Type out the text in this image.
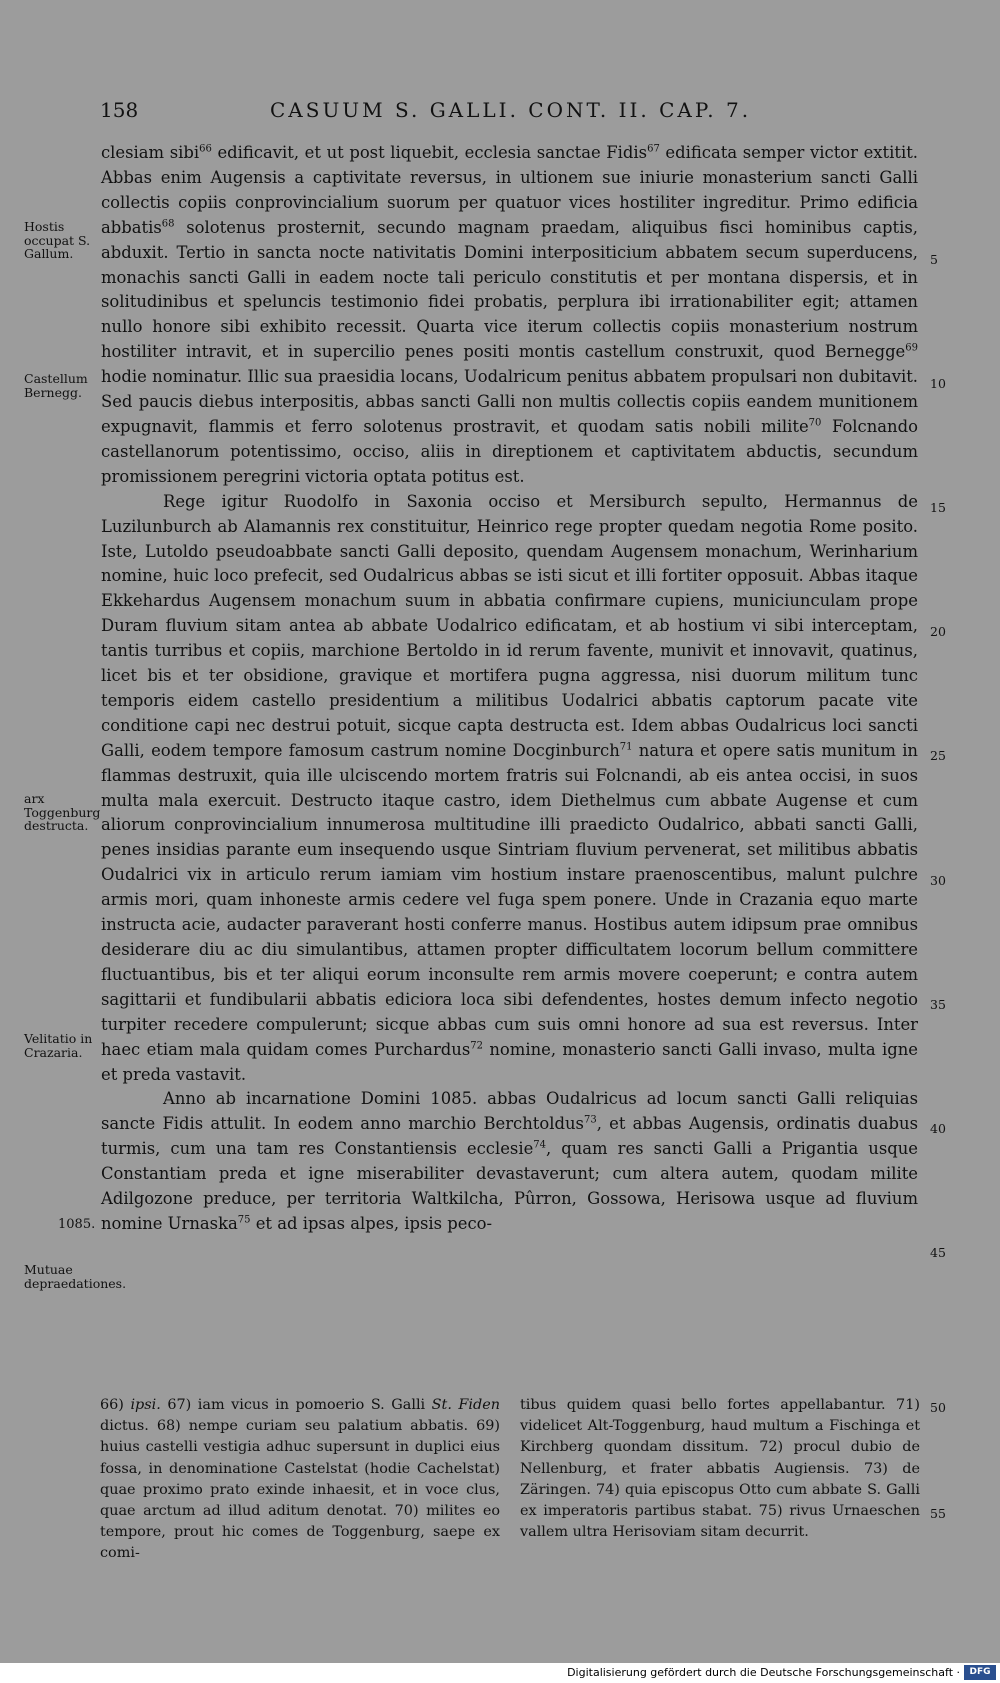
158	CASUUM S. GALLI. CONT. II. CAP. 7.

clesiam sibi$^{66}$ edificavit, et ut post liquebit, ecclesia sanctae Fidis$^{67}$ edificata semper victor extitit. Abbas enim Augensis a captivitate reversus, in ultionem sue iniurie monasterium sancti Galli collectis copiis conprovincialium suorum per quatuor vices hostiliter ingreditur. Primo edificia abbatis$^{68}$ solotenus prosternit, secundo magnam praedam, aliquibus fisci hominibus captis, abduxit. Tertio in sancta nocte nativitatis Domini interpositicium abbatem secum superducens, monachis sancti Galli in eadem nocte tali periculo constitutis et per montana dispersis, et in solitudinibus et speluncis testimonio fidei probatis, perplura ibi irrationabiliter egit; attamen nullo honore sibi exhibito recessit. Quarta vice iterum collectis copiis monasterium nostrum hostiliter intravit, et in supercilio penes positi montis castellum construxit, quod Bernegge$^{69}$ hodie nominatur. Illic sua praesidia locans, Uodalricum penitus abbatem propulsari non dubitavit. Sed paucis diebus interpositis, abbas sancti Galli non multis collectis copiis eandem munitionem expugnavit, flammis et ferro solotenus prostravit, et quodam satis nobili milite$^{70}$ Folcnando castellanorum potentissimo, occiso, aliis in direptionem et captivitatem abductis, secundum promissionem peregrini victoria optata potitus est.

Rege igitur Ruodolfo in Saxonia occiso et Mersiburch sepulto, Hermannus de Luzilunburch ab Alamannis rex constituitur, Heinrico rege propter quedam negotia Rome posito. Iste, Lutoldo pseudoabbate sancti Galli deposito, quendam Augensem monachum, Werinharium nomine, huic loco prefecit, sed Oudalricus abbas se isti sicut et illi fortiter opposuit. Abbas itaque Ekkehardus Augensem monachum suum in abbatia confirmare cupiens, municiunculam prope Duram fluvium sitam antea ab abbate Uodalrico edificatam, et ab hostium vi sibi interceptam, tantis turribus et copiis, marchione Bertoldo in id rerum favente, munivit et innovavit, quatinus, licet bis et ter obsidione, gravique et mortifera pugna aggressa, nisi duorum militum tunc temporis eidem castello presidentium a militibus Uodalrici abbatis captorum pacate vite conditione capi nec destrui potuit, sicque capta destructa est. Idem abbas Oudalricus loci sancti Galli, eodem tempore famosum castrum nomine Docginburch$^{71}$ natura et opere satis munitum in flammas destruxit, quia ille ulciscendo mortem fratris sui Folcnandi, ab eis antea occisi, in suos multa mala exercuit. Destructo itaque castro, idem Diethelmus cum abbate Augense et cum aliorum conprovincialium innumerosa multitudine illi praedicto Oudalrico, abbati sancti Galli, penes insidias parante eum insequendo usque Sintriam fluvium pervenerat, set militibus abbatis Oudalrici vix in articulo rerum iamiam vim hostium instare praenoscentibus, malunt pulchre armis mori, quam inhoneste armis cedere vel fuga spem ponere. Unde in Crazania equo marte instructa acie, audacter paraverant hosti conferre manus. Hostibus autem idipsum prae omnibus desiderare diu ac diu simulantibus, attamen propter difficultatem locorum bellum committere fluctuantibus, bis et ter aliqui eorum inconsulte rem armis movere coeperunt; e contra autem sagittarii et fundibularii abbatis ediciora loca sibi defendentes, hostes demum infecto negotio turpiter recedere compulerunt; sicque abbas cum suis omni honore ad sua est reversus. Inter haec etiam mala quidam comes Purchardus$^{72}$ nomine, monasterio sancti Galli invaso, multa igne et preda vastavit.

Anno ab incarnatione Domini 1085. abbas Oudalricus ad locum sancti Galli reliquias sancte Fidis attulit. In eodem anno marchio Berchtoldus$^{73}$, et abbas Augensis, ordinatis duabus turmis, cum una tam res Constantiensis ecclesie$^{74}$, quam res sancti Galli a Prigantia usque Constantiam preda et igne miserabiliter devastaverunt; cum altera autem, quodam milite Adilgozone preduce, per territoria Waltkilcha, Pûrron, Gossowa, Herisowa usque ad fluvium nomine Urnaska$^{75}$ et ad ipsas alpes, ipsis peco-

Hostis occupat S. Gallum.
Castellum Bernegg.
arx Toggenburg destructa.
Velitatio in Crazaria.
1085.
Mutuae depraedationes.
5
10
15
20
25
30
35
40
45
50
55

66) ipsi. 67) iam vicus in pomoerio S. Galli St. Fiden dictus. 68) nempe curiam seu palatium abbatis. 69) huius castelli vestigia adhuc supersunt in duplici eius fossa, in denominatione Castelstat (hodie Cachelstat) quae proximo prato exinde inhaesit, et in voce clus, quae arctum ad illud aditum denotat. 70) milites eo tempore, prout hic comes de Toggenburg, saepe ex comi-

tibus quidem quasi bello fortes appellabantur. 71) videlicet Alt-Toggenburg, haud multum a Fischinga et Kirchberg quondam dissitum. 72) procul dubio de Nellenburg, et frater abbatis Augiensis. 73) de Zäringen. 74) quia episcopus Otto cum abbate S. Galli ex imperatoris partibus stabat. 75) rivus Urnaeschen vallem ultra Herisoviam sitam decurrit.

Digitalisierung gefördert durch die Deutsche Forschungsgemeinschaft ·	DFG
